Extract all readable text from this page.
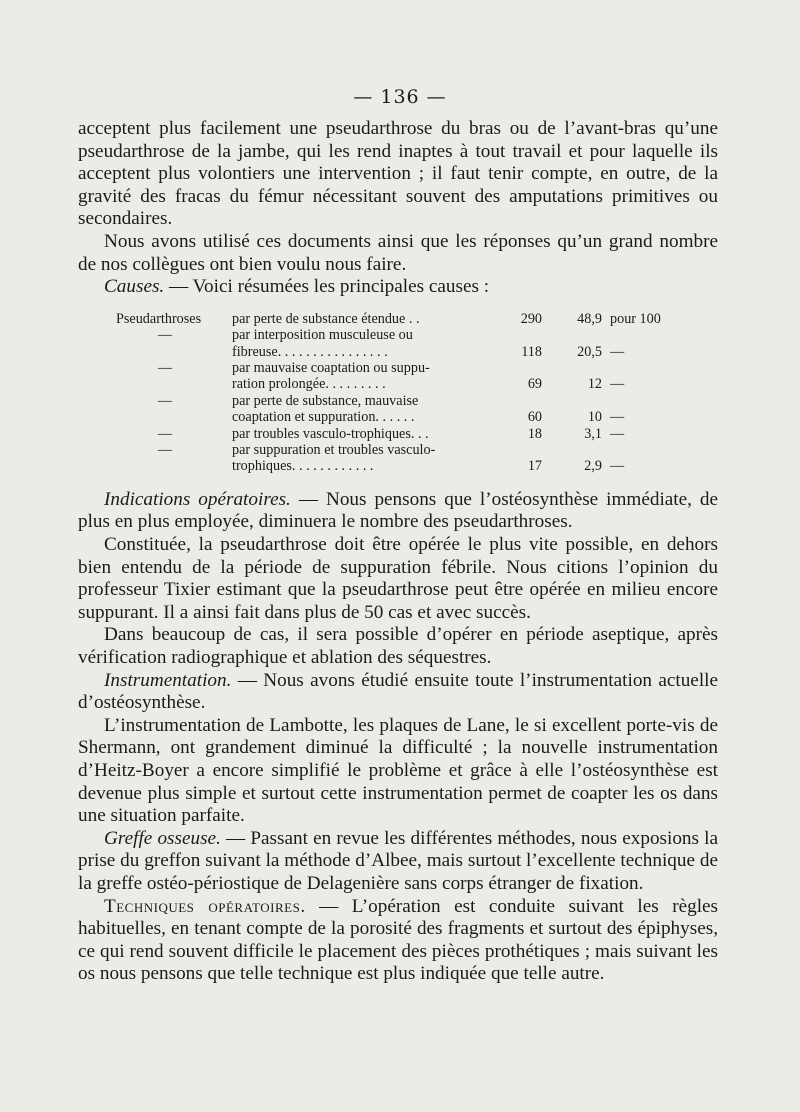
— 136 —

acceptent plus facilement une pseudarthrose du bras ou de l’avant-bras qu’une pseudarthrose de la jambe, qui les rend inaptes à tout travail et pour laquelle ils acceptent plus volontiers une intervention ; il faut tenir compte, en outre, de la gravité des fracas du fémur nécessitant souvent des amputations primitives ou secondaires.

Nous avons utilisé ces documents ainsi que les réponses qu’un grand nombre de nos collègues ont bien voulu nous faire.

Causes. — Voici résumées les principales causes :

Pseudarthroses	par perte de substance étendue . .	290	48,9 pour 100
—	par interposition musculeuse ou
fibreuse. . . . . . . . . . . . . . . .	118	20,5 —
—	par mauvaise coaptation ou suppu-
ration prolongée. . . . . . . . .	69	12 —
—	par perte de substance, mauvaise
coaptation et suppuration. . . . . .	60	10 —
—	par troubles vasculo-trophiques. . .	18	3,1 —
—	par suppuration et troubles vasculo-
trophiques. . . . . . . . . . . .	17	2,9 —

Indications opératoires. — Nous pensons que l’ostéosynthèse immédiate, de plus en plus employée, diminuera le nombre des pseudarthroses.

Constituée, la pseudarthrose doit être opérée le plus vite possible, en dehors bien entendu de la période de suppuration fébrile. Nous citions l’opinion du professeur Tixier estimant que la pseudarthrose peut être opérée en milieu encore suppurant. Il a ainsi fait dans plus de 50 cas et avec succès.

Dans beaucoup de cas, il sera possible d’opérer en période aseptique, après vérification radiographique et ablation des séquestres.

Instrumentation. — Nous avons étudié ensuite toute l’instrumentation actuelle d’ostéosynthèse.

L’instrumentation de Lambotte, les plaques de Lane, le si excellent porte-vis de Shermann, ont grandement diminué la difficulté ; la nouvelle instrumentation d’Heitz-Boyer a encore simplifié le problème et grâce à elle l’ostéosynthèse est devenue plus simple et surtout cette instrumentation permet de coapter les os dans une situation parfaite.

Greffe osseuse. — Passant en revue les différentes méthodes, nous exposions la prise du greffon suivant la méthode d’Albee, mais surtout l’excellente technique de la greffe ostéo-périostique de Delagenière sans corps étranger de fixation.

Techniques opératoires. — L’opération est conduite suivant les règles habituelles, en tenant compte de la porosité des fragments et surtout des épiphyses, ce qui rend souvent difficile le placement des pièces prothétiques ; mais suivant les os nous pensons que telle technique est plus indiquée que telle autre.
